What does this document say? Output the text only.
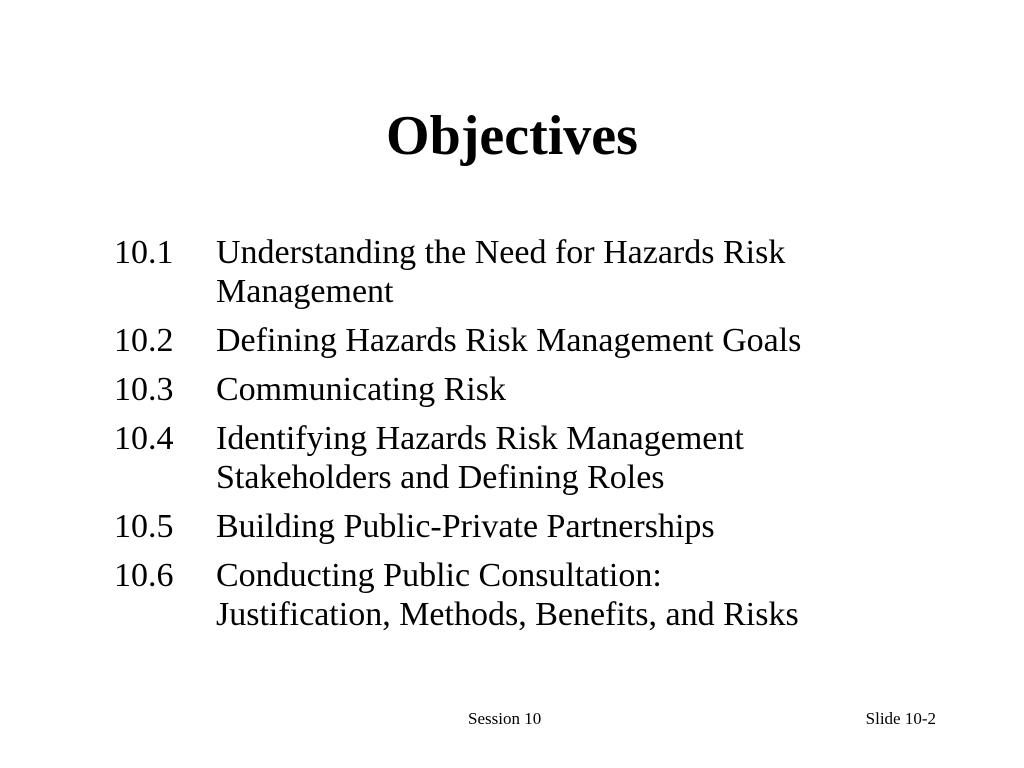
Objectives
10.1	Understanding the Need for Hazards Risk
Management
10.2	Defining Hazards Risk Management Goals
10.3	Communicating Risk
10.4	Identifying Hazards Risk Management
Stakeholders and Defining Roles
10.5	Building Public-Private Partnerships
10.6	Conducting Public Consultation:
Justification, Methods, Benefits, and Risks
Session 10	Slide 10-2
